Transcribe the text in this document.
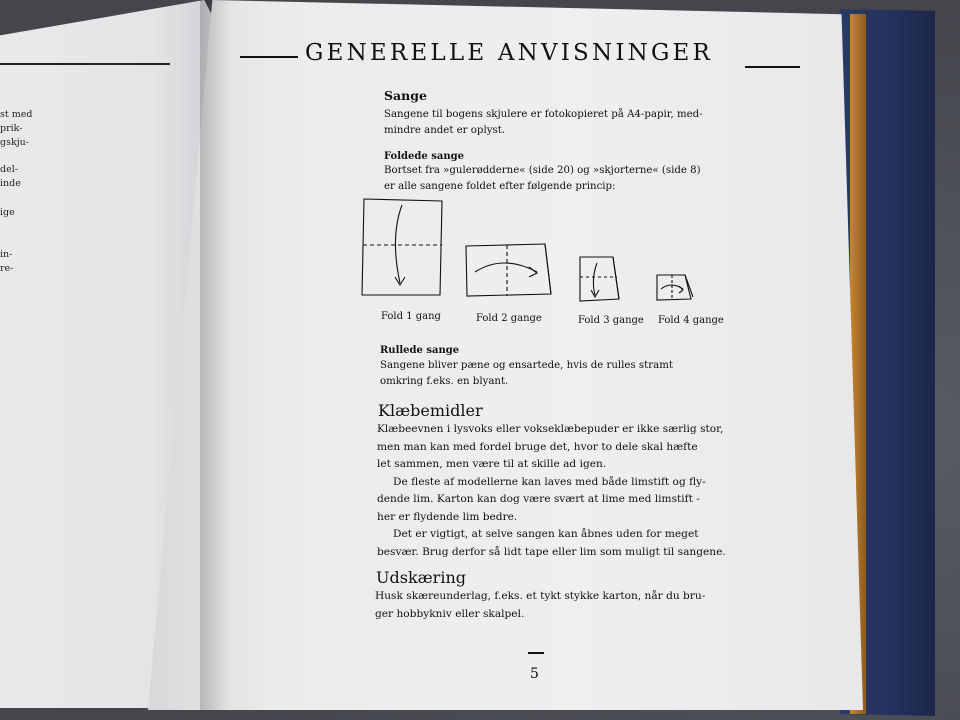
st med
prik-
gskju-
del-
inde
ige
in-
re-
GENERELLE ANVISNINGER
Sange
Sangene til bogens skjulere er fotokopieret på A4-papir, med-
mindre andet er oplyst.
Foldede sange
Bortset fra »gulerødderne« (side 20) og »skjorterne« (side 8)
er alle sangene foldet efter følgende princip:
Fold 1 gang	Fold 2 gange	Fold 3 gange Fold 4 gange
Rullede sange
Sangene bliver pæne og ensartede, hvis de rulles stramt
omkring f.eks. en blyant.
Klæbemidler
Klæbeevnen i lysvoks eller vokseklæbepuder er ikke særlig stor,
men man kan med fordel bruge det, hvor to dele skal hæfte
let sammen, men være til at skille ad igen.
De fleste af modellerne kan laves med både limstift og fly-
dende lim. Karton kan dog være svært at lime med limstift -
her er flydende lim bedre.
Det er vigtigt, at selve sangen kan åbnes uden for meget
besvær. Brug derfor så lidt tape eller lim som muligt til sangene.
Udskæring
Husk skæreunderlag, f.eks. et tykt stykke karton, når du bru-
ger hobbykniv eller skalpel.
5
